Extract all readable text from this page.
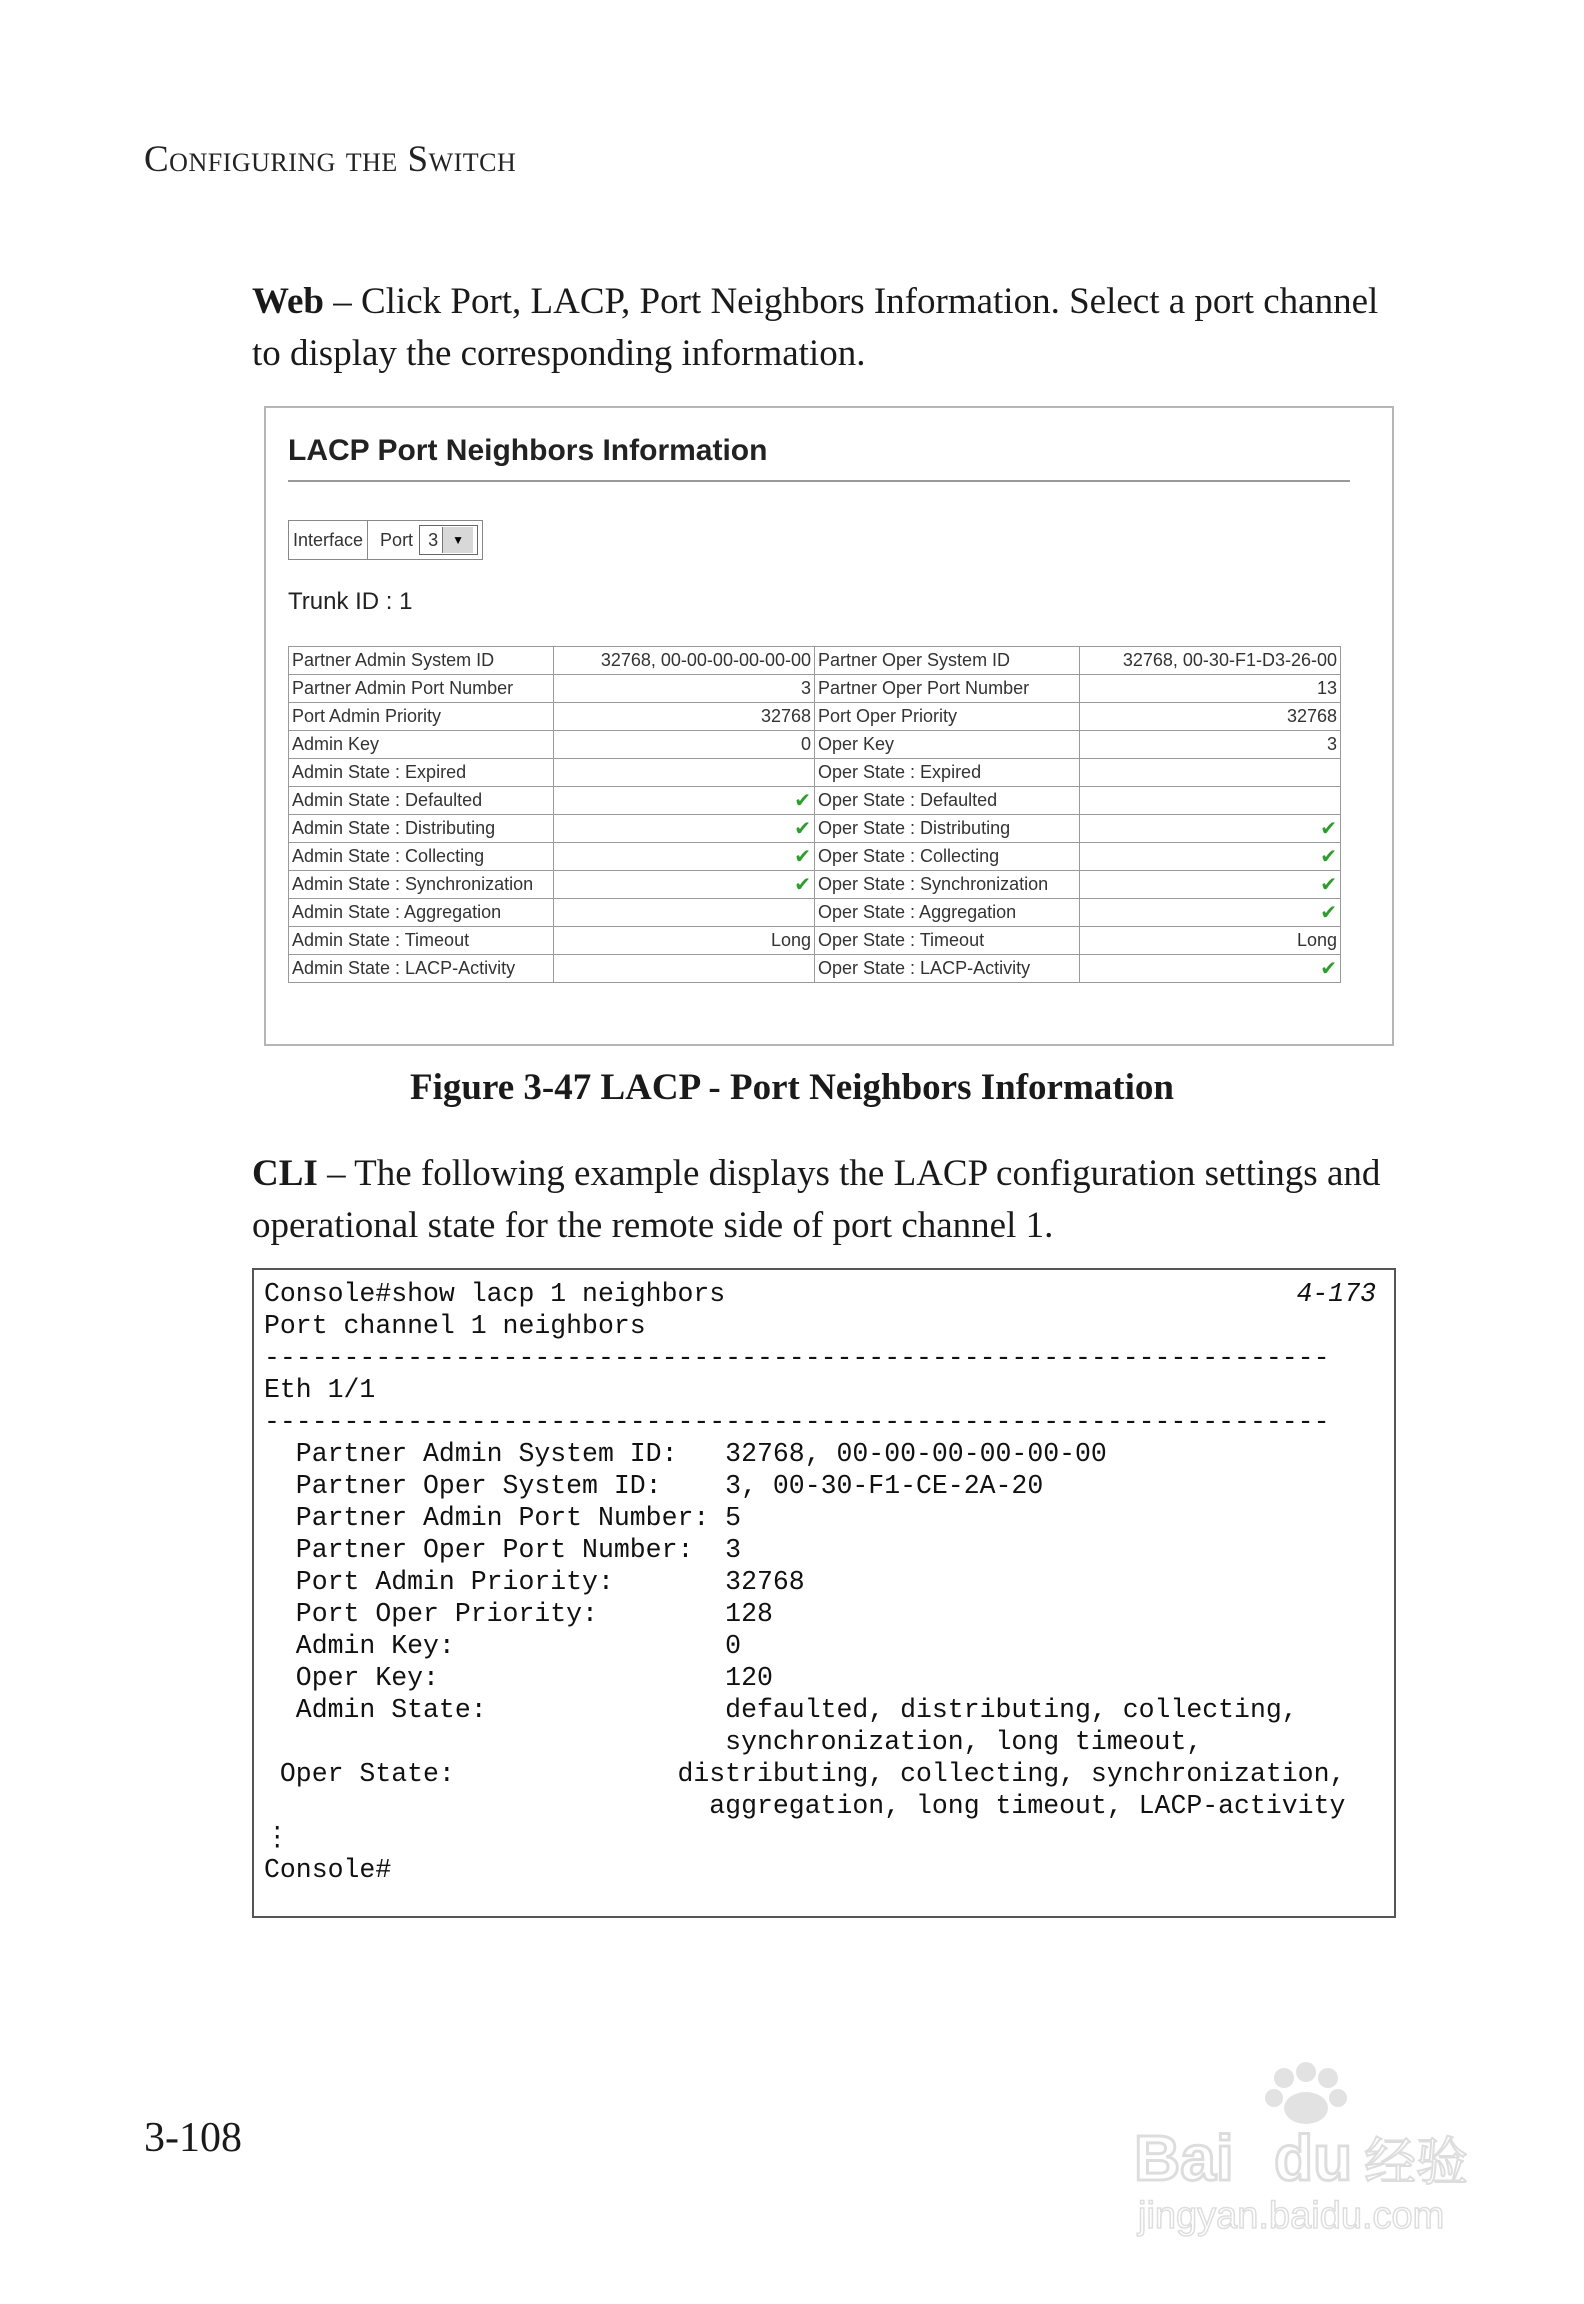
Configuring the Switch
Web – Click Port, LACP, Port Neighbors Information. Select a port channel to display the corresponding information.
LACP Port Neighbors Information
Interface Port 3	▼
Trunk ID : 1
Partner Admin System ID	32768, 00-00-00-00-00-00	Partner Oper System ID	32768, 00-30-F1-D3-26-00
Partner Admin Port Number	3	Partner Oper Port Number	13
Port Admin Priority	32768	Port Oper Priority	32768
Admin Key	0	Oper Key	3
Admin State : Expired		Oper State : Expired	
Admin State : Defaulted	✔	Oper State : Defaulted	
Admin State : Distributing	✔	Oper State : Distributing	✔
Admin State : Collecting	✔	Oper State : Collecting	✔
Admin State : Synchronization	✔	Oper State : Synchronization	✔
Admin State : Aggregation		Oper State : Aggregation	✔
Admin State : Timeout	Long	Oper State : Timeout	Long
Admin State : LACP-Activity		Oper State : LACP-Activity	✔
Figure 3-47 LACP - Port Neighbors Information
CLI – The following example displays the LACP configuration settings and operational state for the remote side of port channel 1.
Console#show lacp 1 neighbors
Port channel 1 neighbors
-------------------------------------------------------------------
Eth 1/1
-------------------------------------------------------------------
Partner Admin System ID:   32768, 00-00-00-00-00-00
Partner Oper System ID:    3, 00-30-F1-CE-2A-20
Partner Admin Port Number: 5
Partner Oper Port Number:  3
Port Admin Priority:       32768
Port Oper Priority:        128
Admin Key:                 0
Oper Key:                  120
Admin State:               defaulted, distributing, collecting,
synchronization, long timeout,
Oper State:              distributing, collecting, synchronization,
aggregation, long timeout, LACP-activity
⋮
Console#
4-173
3-108	Bai du 经验
jingyan.baidu.com
